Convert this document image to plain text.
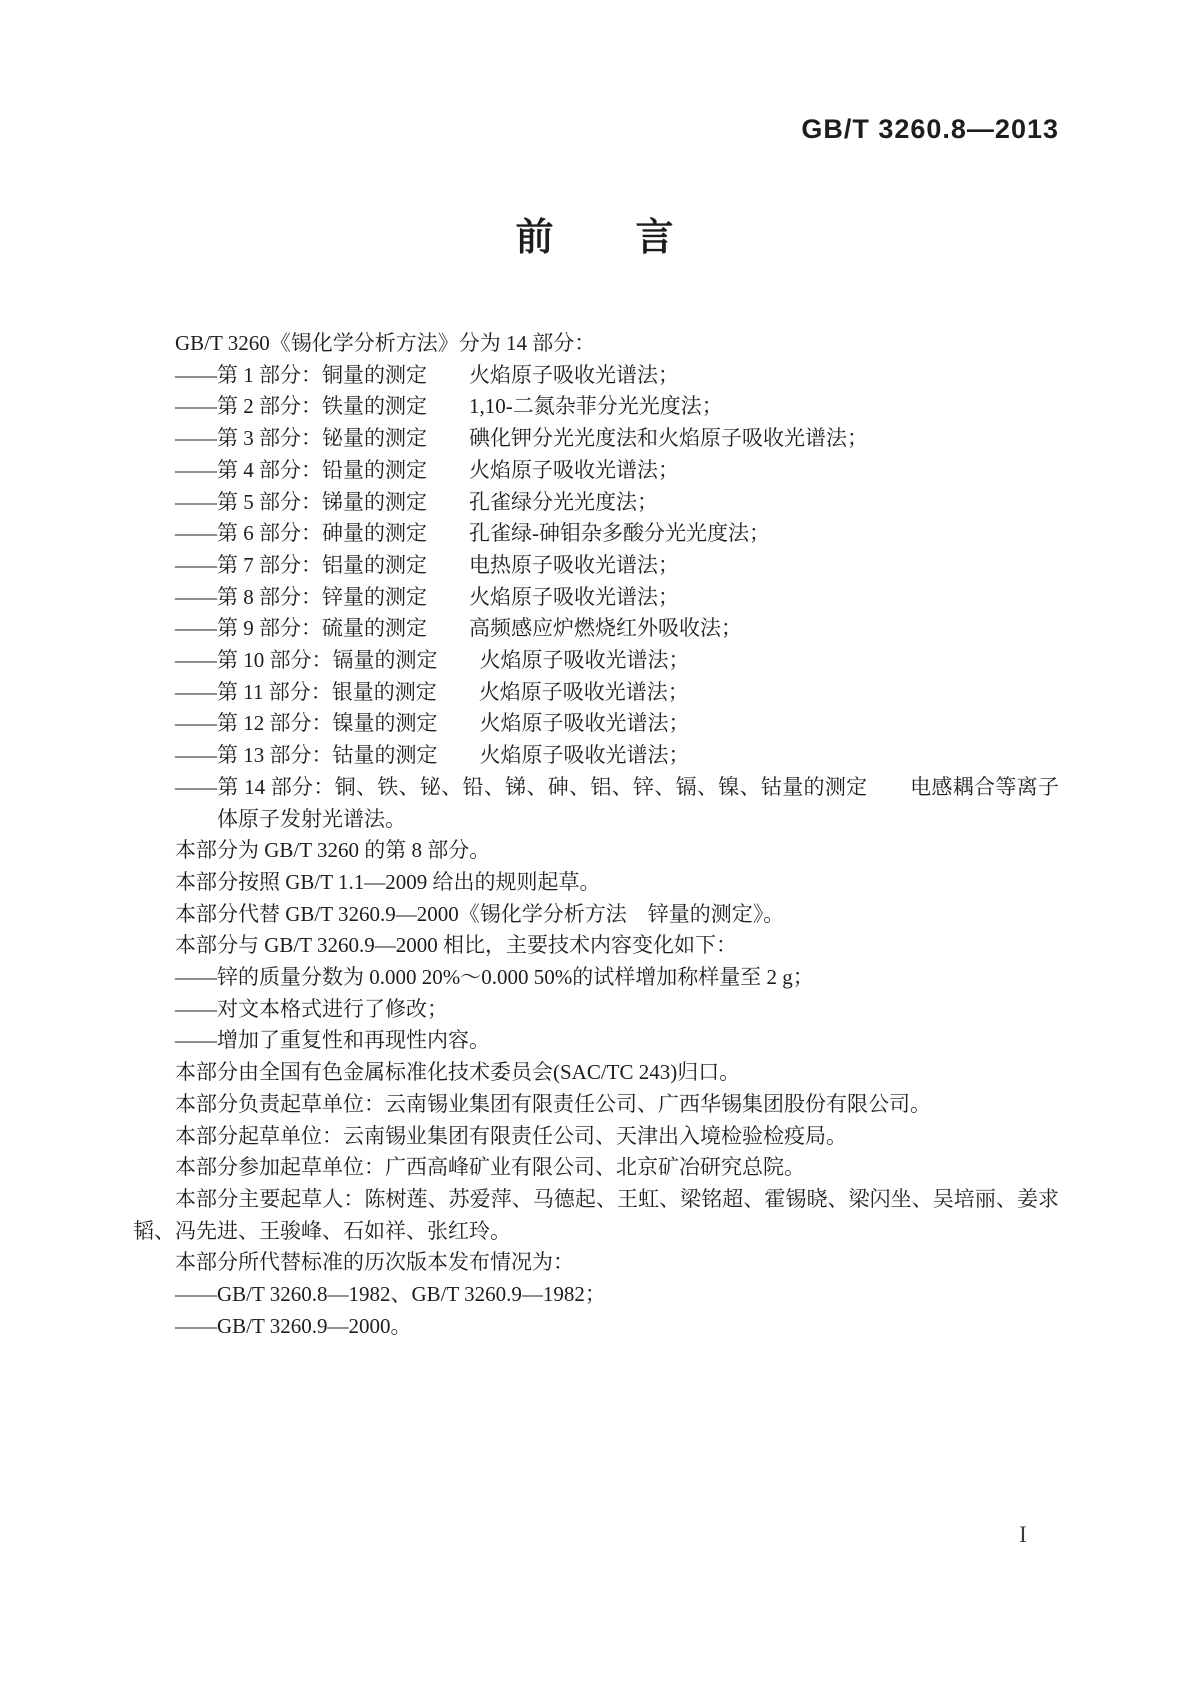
GB/T 3260.8—2013
前　　言
GB/T 3260《锡化学分析方法》分为 14 部分：
——第 1 部分：铜量的测定　　火焰原子吸收光谱法；
——第 2 部分：铁量的测定　　1,10-二氮杂菲分光光度法；
——第 3 部分：铋量的测定　　碘化钾分光光度法和火焰原子吸收光谱法；
——第 4 部分：铅量的测定　　火焰原子吸收光谱法；
——第 5 部分：锑量的测定　　孔雀绿分光光度法；
——第 6 部分：砷量的测定　　孔雀绿-砷钼杂多酸分光光度法；
——第 7 部分：铝量的测定　　电热原子吸收光谱法；
——第 8 部分：锌量的测定　　火焰原子吸收光谱法；
——第 9 部分：硫量的测定　　高频感应炉燃烧红外吸收法；
——第 10 部分：镉量的测定　　火焰原子吸收光谱法；
——第 11 部分：银量的测定　　火焰原子吸收光谱法；
——第 12 部分：镍量的测定　　火焰原子吸收光谱法；
——第 13 部分：钴量的测定　　火焰原子吸收光谱法；
——第 14 部分：铜、铁、铋、铅、锑、砷、铝、锌、镉、镍、钴量的测定　　电感耦合等离子体原子发射光谱法。
本部分为 GB/T 3260 的第 8 部分。
本部分按照 GB/T 1.1—2009 给出的规则起草。
本部分代替 GB/T 3260.9—2000《锡化学分析方法　锌量的测定》。
本部分与 GB/T 3260.9—2000 相比，主要技术内容变化如下：
——锌的质量分数为 0.000 20%～0.000 50%的试样增加称样量至 2 g；
——对文本格式进行了修改；
——增加了重复性和再现性内容。
本部分由全国有色金属标准化技术委员会(SAC/TC 243)归口。
本部分负责起草单位：云南锡业集团有限责任公司、广西华锡集团股份有限公司。
本部分起草单位：云南锡业集团有限责任公司、天津出入境检验检疫局。
本部分参加起草单位：广西高峰矿业有限公司、北京矿冶研究总院。
本部分主要起草人：陈树莲、苏爱萍、马德起、王虹、梁铭超、霍锡晓、梁闪坐、吴培丽、姜求韬、冯先进、王骏峰、石如祥、张红玲。
本部分所代替标准的历次版本发布情况为：
——GB/T 3260.8—1982、GB/T 3260.9—1982；
——GB/T 3260.9—2000。
I
